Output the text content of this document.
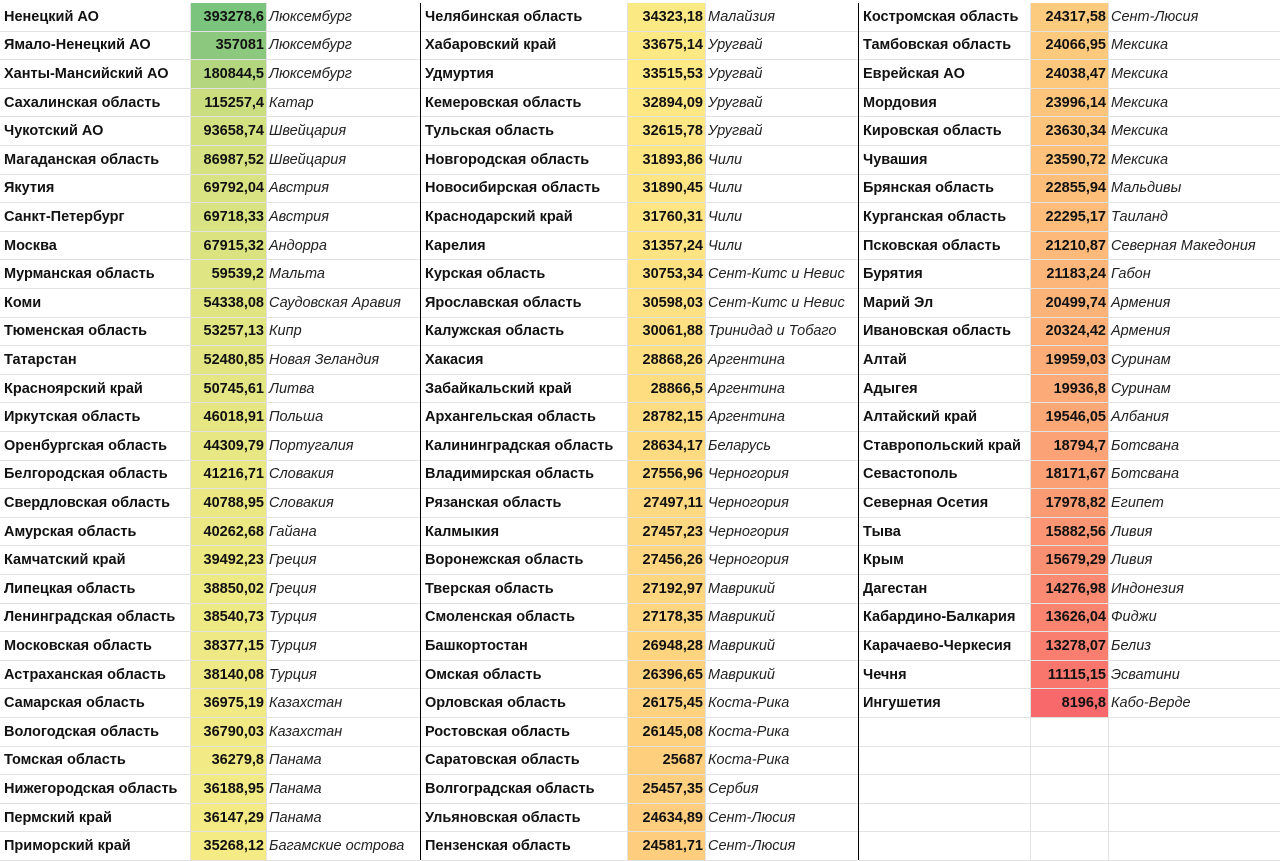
Ненецкий АО	393278,6 Люксембург
Ямало-Ненецкий АО	357081 Люксембург
Ханты-Мансийский АО	180844,5 Люксембург
Сахалинская область	115257,4 Катар
Чукотский АО	93658,74 Швейцария
Магаданская область	86987,52 Швейцария
Якутия	69792,04 Австрия
Санкт-Петербург	69718,33 Австрия
Москва	67915,32 Андорра
Мурманская область	59539,2 Мальта
Коми	54338,08 Саудовская Аравия
Тюменская область	53257,13 Кипр
Татарстан	52480,85 Новая Зеландия
Красноярский край	50745,61 Литва
Иркутская область	46018,91 Польша
Оренбургская область	44309,79 Португалия
Белгородская область	41216,71 Словакия
Свердловская область	40788,95 Словакия
Амурская область	40262,68 Гайана
Камчатский край	39492,23 Греция
Липецкая область	38850,02 Греция
Ленинградская область	38540,73 Турция
Московская область	38377,15 Турция
Астраханская область	38140,08 Турция
Самарская область	36975,19 Казахстан
Вологодская область	36790,03 Казахстан
Томская область	36279,8 Панама
Нижегородская область	36188,95 Панама
Пермский край	36147,29 Панама
Приморский край	35268,12 Багамские острова
Челябинская область	34323,18 Малайзия
Хабаровский край	33675,14 Уругвай
Удмуртия	33515,53 Уругвай
Кемеровская область	32894,09 Уругвай
Тульская область	32615,78 Уругвай
Новгородская область	31893,86 Чили
Новосибирская область	31890,45 Чили
Краснодарский край	31760,31 Чили
Карелия	31357,24 Чили
Курская область	30753,34 Сент-Китс и Невис
Ярославская область	30598,03 Сент-Китс и Невис
Калужская область	30061,88 Тринидад и Тобаго
Хакасия	28868,26 Аргентина
Забайкальский край	28866,5 Аргентина
Архангельская область	28782,15 Аргентина
Калининградская область	28634,17 Беларусь
Владимирская область	27556,96 Черногория
Рязанская область	27497,11 Черногория
Калмыкия	27457,23 Черногория
Воронежская область	27456,26 Черногория
Тверская область	27192,97 Маврикий
Смоленская область	27178,35 Маврикий
Башкортостан	26948,28 Маврикий
Омская область	26396,65 Маврикий
Орловская область	26175,45 Коста-Рика
Ростовская область	26145,08 Коста-Рика
Саратовская область	25687 Коста-Рика
Волгоградская область	25457,35 Сербия
Ульяновская область	24634,89 Сент-Люсия
Пензенская область	24581,71 Сент-Люсия
Костромская область	24317,58 Сент-Люсия
Тамбовская область	24066,95 Мексика
Еврейская АО	24038,47 Мексика
Мордовия	23996,14 Мексика
Кировская область	23630,34 Мексика
Чувашия	23590,72 Мексика
Брянская область	22855,94 Мальдивы
Курганская область	22295,17 Таиланд
Псковская область	21210,87 Северная Македония
Бурятия	21183,24 Габон
Марий Эл	20499,74 Армения
Ивановская область	20324,42 Армения
Алтай	19959,03 Суринам
Адыгея	19936,8 Суринам
Алтайский край	19546,05 Албания
Ставропольский край	18794,7 Ботсвана
Севастополь	18171,67 Ботсвана
Северная Осетия	17978,82 Египет
Тыва	15882,56 Ливия
Крым	15679,29 Ливия
Дагестан	14276,98 Индонезия
Кабардино-Балкария	13626,04 Фиджи
Карачаево-Черкесия	13278,07 Белиз
Чечня	11115,15 Эсватини
Ингушетия	8196,8 Кабо-Верде
